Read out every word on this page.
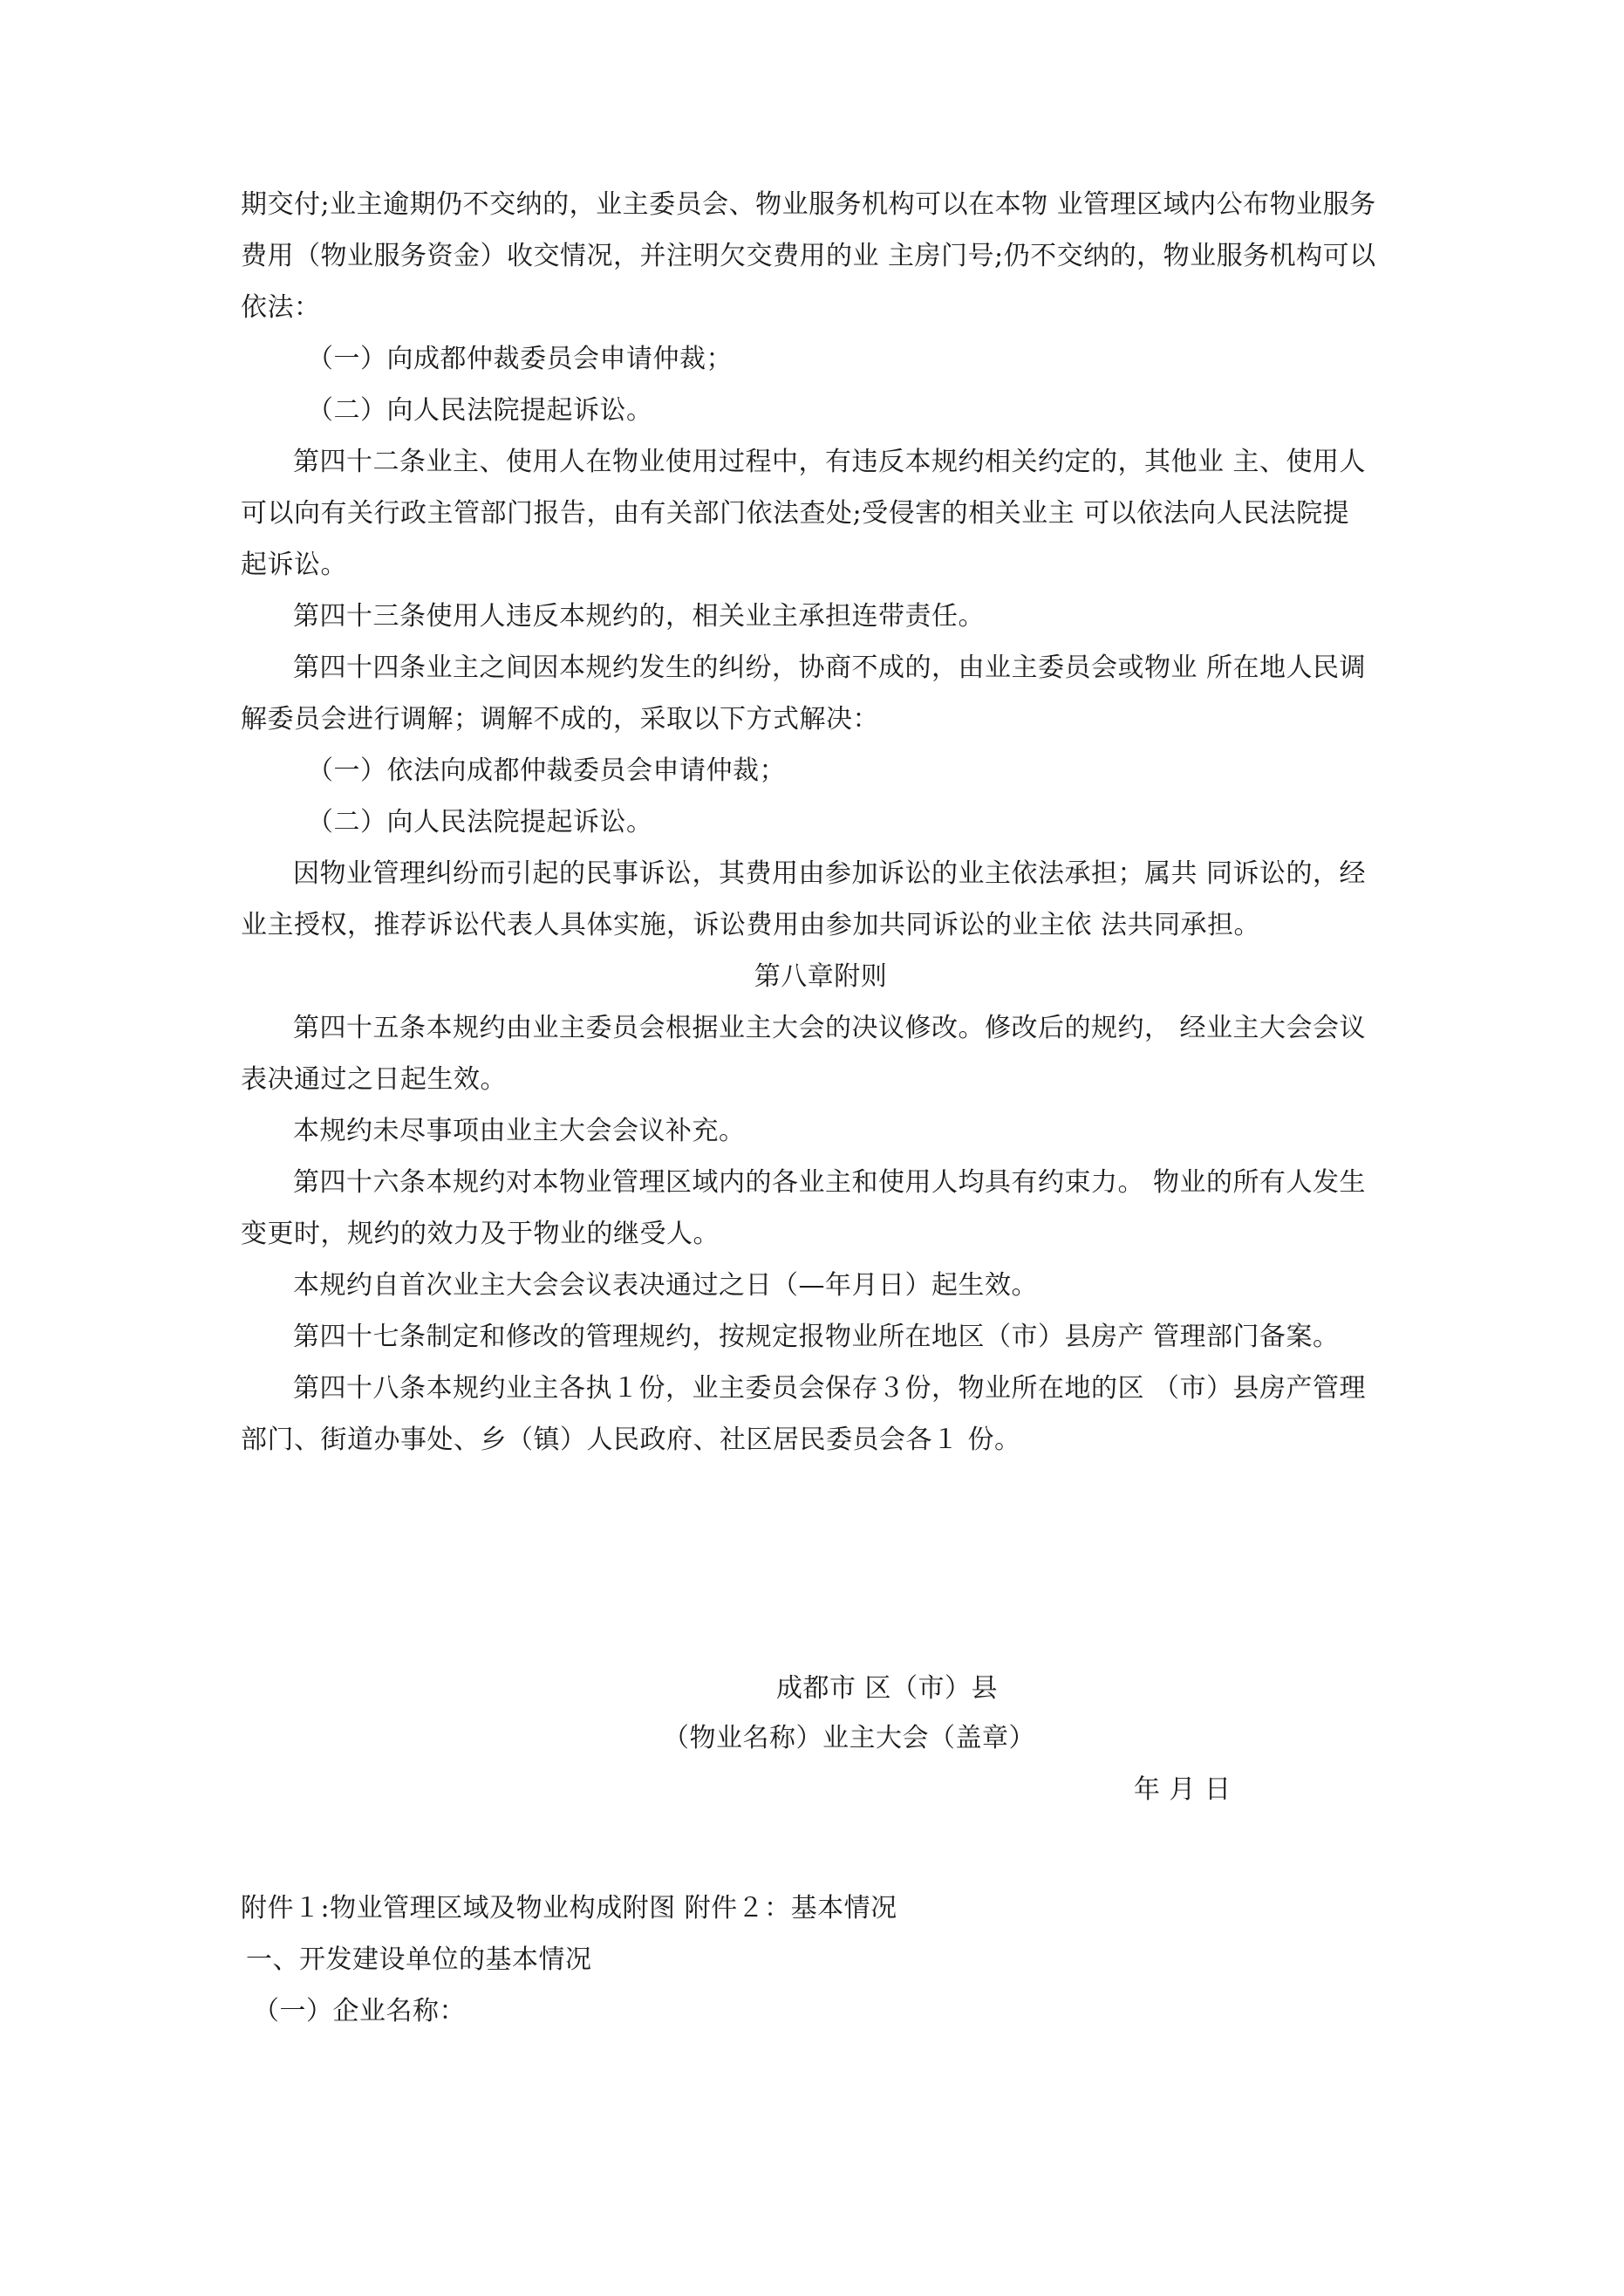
期交付;业主逾期仍不交纳的，业主委员会、物业服务机构可以在本物 业管理区域内公布物业服务

费用（物业服务资金）收交情况，并注明欠交费用的业 主房门号;仍不交纳的，物业服务机构可以

依法：

（一）向成都仲裁委员会申请仲裁；

（二）向人民法院提起诉讼。

第四十二条业主、使用人在物业使用过程中，有违反本规约相关约定的，其他业 主、使用人

可以向有关行政主管部门报告，由有关部门依法查处;受侵害的相关业主 可以依法向人民法院提

起诉讼。

第四十三条使用人违反本规约的，相关业主承担连带责任。

第四十四条业主之间因本规约发生的纠纷，协商不成的，由业主委员会或物业 所在地人民调

解委员会进行调解；调解不成的，采取以下方式解决：

（一）依法向成都仲裁委员会申请仲裁；

（二）向人民法院提起诉讼。

因物业管理纠纷而引起的民事诉讼，其费用由参加诉讼的业主依法承担；属共 同诉讼的，经

业主授权，推荐诉讼代表人具体实施，诉讼费用由参加共同诉讼的业主依 法共同承担。

第八章附则

第四十五条本规约由业主委员会根据业主大会的决议修改。修改后的规约， 经业主大会会议

表决通过之日起生效。

本规约未尽事项由业主大会会议补充。

第四十六条本规约对本物业管理区域内的各业主和使用人均具有约束力。 物业的所有人发生

变更时，规约的效力及于物业的继受人。

本规约自首次业主大会会议表决通过之日（—年月日）起生效。

第四十七条制定和修改的管理规约，按规定报物业所在地区（市）县房产 管理部门备案。

第四十八条本规约业主各执１份，业主委员会保存３份，物业所在地的区 （市）县房产管理

部门、街道办事处、乡（镇）人民政府、社区居民委员会各１ 份。

成都市 区（市）县
（物业名称）业主大会（盖章）
年 月 日

附件１:物业管理区域及物业构成附图 附件２：基本情况

一、开发建设单位的基本情况

（一）企业名称：
